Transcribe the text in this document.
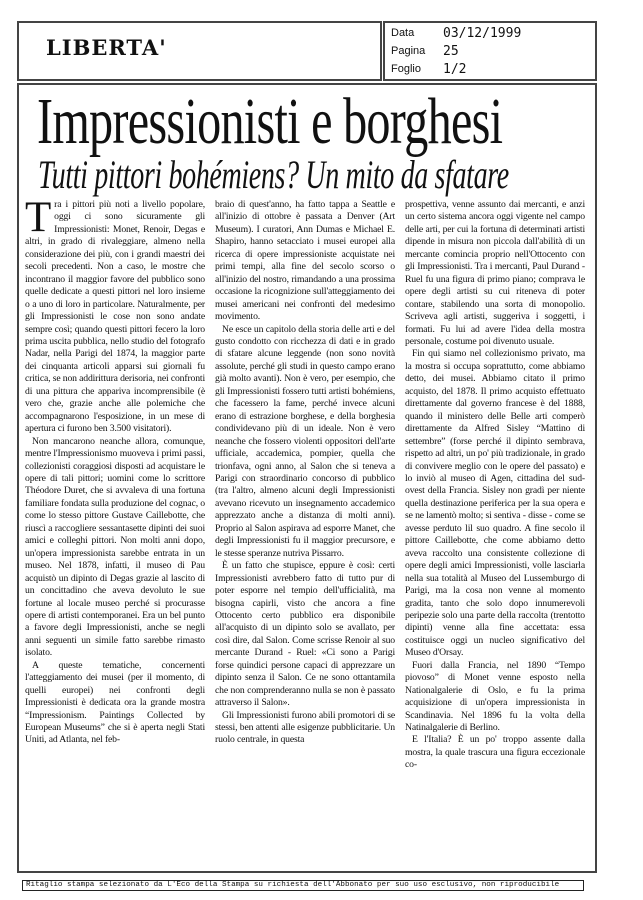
LIBERTA'
Data 03/12/1999
Pagina 25
Foglio 1/2
Impressionisti e borghesi
Tutti pittori bohémiens? Un mito da sfatare

Tra i pittori più noti a livello popolare, oggi ci sono sicuramente gli Impressionisti: Monet, Renoir, Degas e altri, in grado di rivaleggiare, almeno nella considerazione dei più, con i grandi maestri dei secoli precedenti. Non a caso, le mostre che incontrano il maggior favore del pubblico sono quelle dedicate a questi pittori nel loro insieme o a uno di loro in particolare. Naturalmente, per gli Impressionisti le cose non sono andate sempre così; quando questi pittori fecero la loro prima uscita pubblica, nello studio del fotografo Nadar, nella Parigi del 1874, la maggior parte dei cinquanta articoli apparsi sui giornali fu critica, se non addirittura derisoria, nei confronti di una pittura che appariva incomprensibile (è vero che, grazie anche alle polemiche che accompagnarono l'esposizione, in un mese di apertura ci furono ben 3.500 visitatori).

Non mancarono neanche allora, comunque, mentre l'Impressionismo muoveva i primi passi, collezionisti coraggiosi disposti ad acquistare le opere di tali pittori; uomini come lo scrittore Théodore Duret, che si avvaleva di una fortuna familiare fondata sulla produzione del cognac, o come lo stesso pittore Gustave Caillebotte, che riuscì a raccogliere sessantasette dipinti dei suoi amici e colleghi pittori. Non molti anni dopo, un'opera impressionista sarebbe entrata in un museo. Nel 1878, infatti, il museo di Pau acquistò un dipinto di Degas grazie al lascito di un concittadino che aveva devoluto le sue fortune al locale museo perché si procurasse opere di artisti contemporanei. Era un bel punto a favore degli Impressionisti, anche se negli anni seguenti un simile fatto sarebbe rimasto isolato.

A queste tematiche, concernenti l'atteggiamento dei musei (per il momento, di quelli europei) nei confronti degli Impressionisti è dedicata ora la grande mostra “Impressionism. Paintings Collected by European Museums” che si è aperta negli Stati Uniti, ad Atlanta, nel feb-

braio di quest'anno, ha fatto tappa a Seattle e all'inizio di ottobre è passata a Denver (Art Museum). I curatori, Ann Dumas e Michael E. Shapiro, hanno setacciato i musei europei alla ricerca di opere impressioniste acquistate nei primi tempi, alla fine del secolo scorso o all'inizio del nostro, rimandando a una prossima occasione la ricognizione sull'atteggiamento dei musei americani nei confronti del medesimo movimento.

Ne esce un capitolo della storia delle arti e del gusto condotto con ricchezza di dati e in grado di sfatare alcune leggende (non sono novità assolute, perché gli studi in questo campo erano già molto avanti). Non è vero, per esempio, che gli Impressionisti fossero tutti artisti bohémiens, che facessero la fame, perché invece alcuni erano di estrazione borghese, e della borghesia condividevano più di un ideale. Non è vero neanche che fossero violenti oppositori dell'arte ufficiale, accademica, pompier, quella che trionfava, ogni anno, al Salon che si teneva a Parigi con straordinario concorso di pubblico (tra l'altro, almeno alcuni degli Impressionisti avevano ricevuto un insegnamento accademico apprezzato anche a distanza di molti anni). Proprio al Salon aspirava ad esporre Manet, che degli Impressionisti fu il maggior precursore, e le stesse speranze nutriva Pissarro.

È un fatto che stupisce, eppure è così: certi Impressionisti avrebbero fatto di tutto pur di poter esporre nel tempio dell'ufficialità, ma bisogna capirli, visto che ancora a fine Ottocento certo pubblico era disponibile all'acquisto di un dipinto solo se avallato, per così dire, dal Salon. Come scrisse Renoir al suo mercante Durand - Ruel: «Ci sono a Parigi forse quindici persone capaci di apprezzare un dipinto senza il Salon. Ce ne sono ottantamila che non comprenderanno nulla se non è passato attraverso il Salon».

Gli Impressionisti furono abili promotori di se stessi, ben attenti alle esigenze pubblicitarie. Un ruolo centrale, in questa

prospettiva, venne assunto dai mercanti, e anzi un certo sistema ancora oggi vigente nel campo delle arti, per cui la fortuna di determinati artisti dipende in misura non piccola dall'abilità di un mercante comincia proprio nell'Ottocento con gli Impressionisti. Tra i mercanti, Paul Durand - Ruel fu una figura di primo piano; comprava le opere degli artisti su cui riteneva di poter contare, stabilendo una sorta di monopolio. Scriveva agli artisti, suggeriva i soggetti, i formati. Fu lui ad avere l'idea della mostra personale, costume poi divenuto usuale.

Fin qui siamo nel collezionismo privato, ma la mostra si occupa soprattutto, come abbiamo detto, dei musei. Abbiamo citato il primo acquisto, del 1878. Il primo acquisto effettuato direttamente dal governo francese è del 1888, quando il ministero delle Belle arti comperò direttamente da Alfred Sisley “Mattino di settembre” (forse perché il dipinto sembrava, rispetto ad altri, un po' più tradizionale, in grado di convivere meglio con le opere del passato) e lo inviò al museo di Agen, cittadina del sud-ovest della Francia. Sisley non gradì per niente quella destinazione periferica per la sua opera e se ne lamentò molto; si sentiva - disse - come se avesse perduto lil suo quadro. A fine secolo il pittore Caillebotte, che come abbiamo detto aveva raccolto una consistente collezione di opere degli amici Impressionisti, volle lasciarla nella sua totalità al Museo del Lussemburgo di Parigi, ma la cosa non venne al momento gradita, tanto che solo dopo innumerevoli peripezie solo una parte della raccolta (trentotto dipinti) venne alla fine accettata: essa costituisce oggi un nucleo significativo del Museo d'Orsay.

Fuori dalla Francia, nel 1890 “Tempo piovoso” di Monet venne esposto nella Nationalgalerie di Oslo, e fu la prima acquisizione di un'opera impressionista in Scandinavia. Nel 1896 fu la volta della Natinalgalerie di Berlino.

E l'Italia? È un po' troppo assente dalla mostra, la quale trascura una figura eccezionale co-

Ritaglio stampa selezionato da L'Eco della Stampa su richiesta dell'Abbonato per suo uso esclusivo, non riproducibile
